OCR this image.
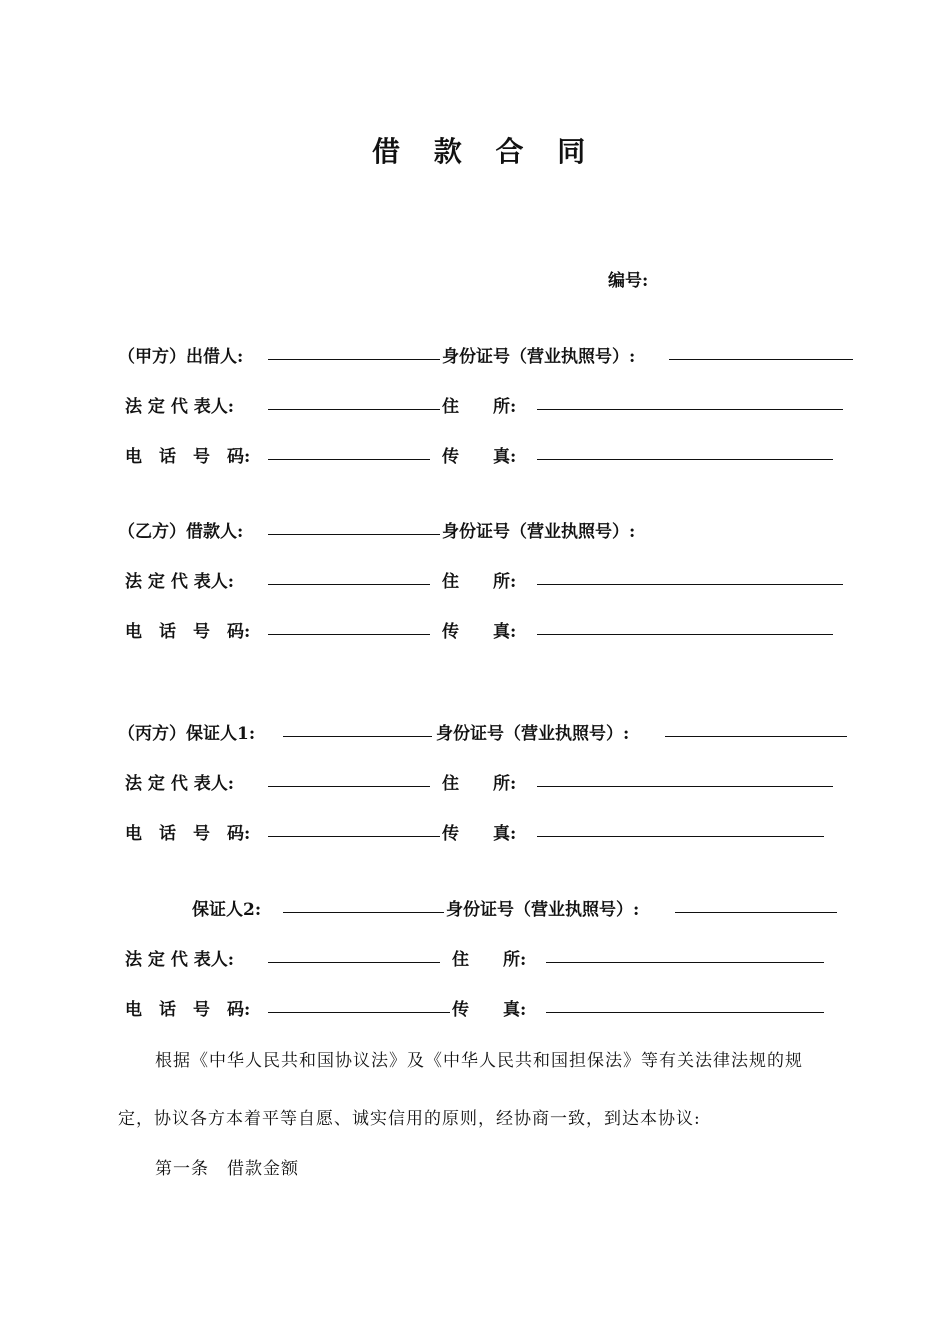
借 款 合 同
编号:
（甲方）出借人:	身份证号（营业执照号）:
法 定 代 表人:	住　　所:
电　话　号　码:	传　　真:
（乙方）借款人:	身份证号（营业执照号）:
法 定 代 表人:	住　　所:
电　话　号　码:	传　　真:
（丙方）保证人1:	身份证号（营业执照号）:
法 定 代 表人:	住　　所:
电　话　号　码:	传　　真:
保证人2:	身份证号（营业执照号）:
法 定 代 表人:	住　　所:
电　话　号　码:	传　　真:
根据《中华人民共和国协议法》及《中华人民共和国担保法》等有关法律法规的规
定，协议各方本着平等自愿、诚实信用的原则，经协商一致，到达本协议:
第一条　借款金额
